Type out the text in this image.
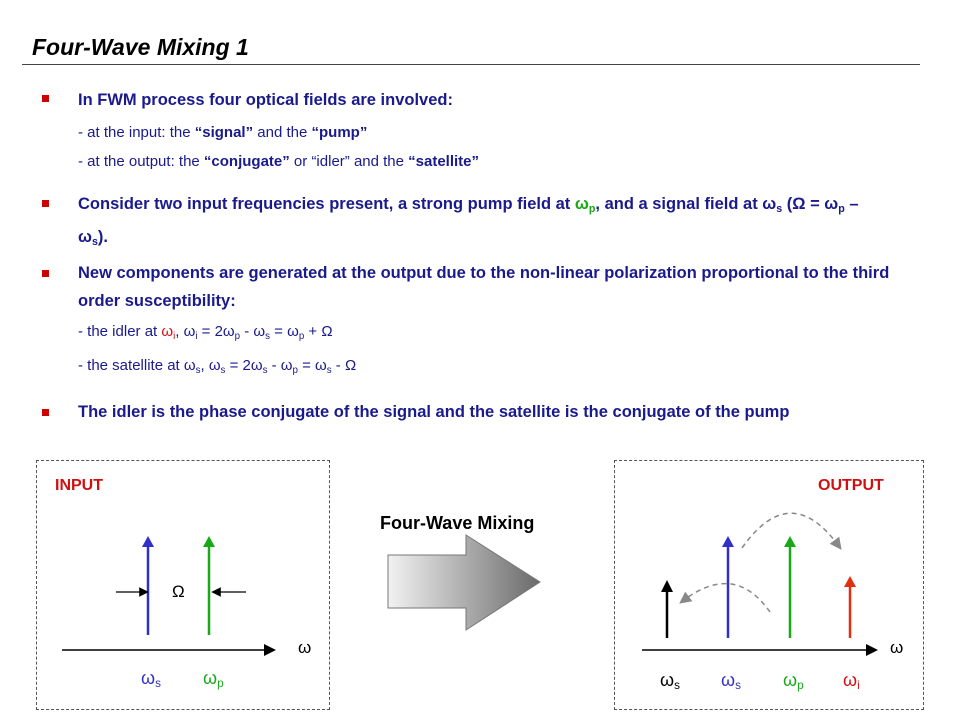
Four-Wave Mixing 1
In FWM process four optical fields are involved:
- at the input: the “signal” and the “pump”
- at the output: the “conjugate” or “idler” and the “satellite”
Consider two input frequencies present, a strong pump field at $\omega_p$, and a signal field at $\omega_s$ $(\Omega = \omega_p - \omega_s)$.
New components are generated at the output due to the non-linear polarization proportional to the third order susceptibility:
- the idler at $\omega_i$, $\omega_i = 2\omega_p - \omega_s = \omega_p + \Omega$
- the satellite at $\omega_s$, $\omega_s = 2\omega_s - \omega_p = \omega_s - \Omega$
The idler is the phase conjugate of the signal and the satellite is the conjugate of the pump
INPUT	OUTPUT
Four-Wave Mixing
Ω
ω
$\omega_s$ $\omega_p$
ω
$\omega_s$ $\omega_s$ $\omega_p$ $\omega_i$
